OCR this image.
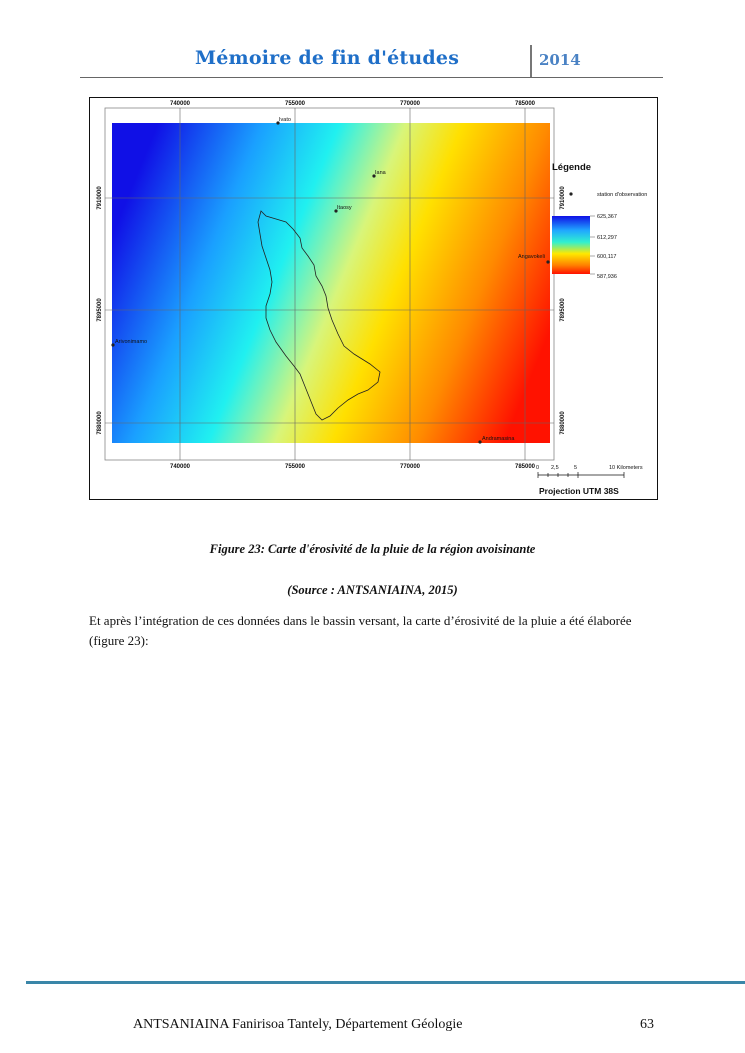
Mémoire de fin d'études	2014
Ivato
Iana
Itaosy
Angavokeli
Arivonimamo
Andramasina
740000	755000	770000	785000
740000	755000	770000	785000
7910000
7895000
7880000
7910000
7895000
7880000
Légende
station d'observation
625,367
612,297
600,117
587,936
0 2,5	5	10 Kilometers
Projection UTM 38S
Figure 23: Carte d'érosivité de la pluie de la région avoisinante
(Source : ANTSANIAINA, 2015)
Et après l’intégration de ces données dans le bassin versant, la carte d’érosivité de la pluie a été élaborée (figure 23):
ANTSANIAINA Fanirisoa Tantely, Département Géologie	63
